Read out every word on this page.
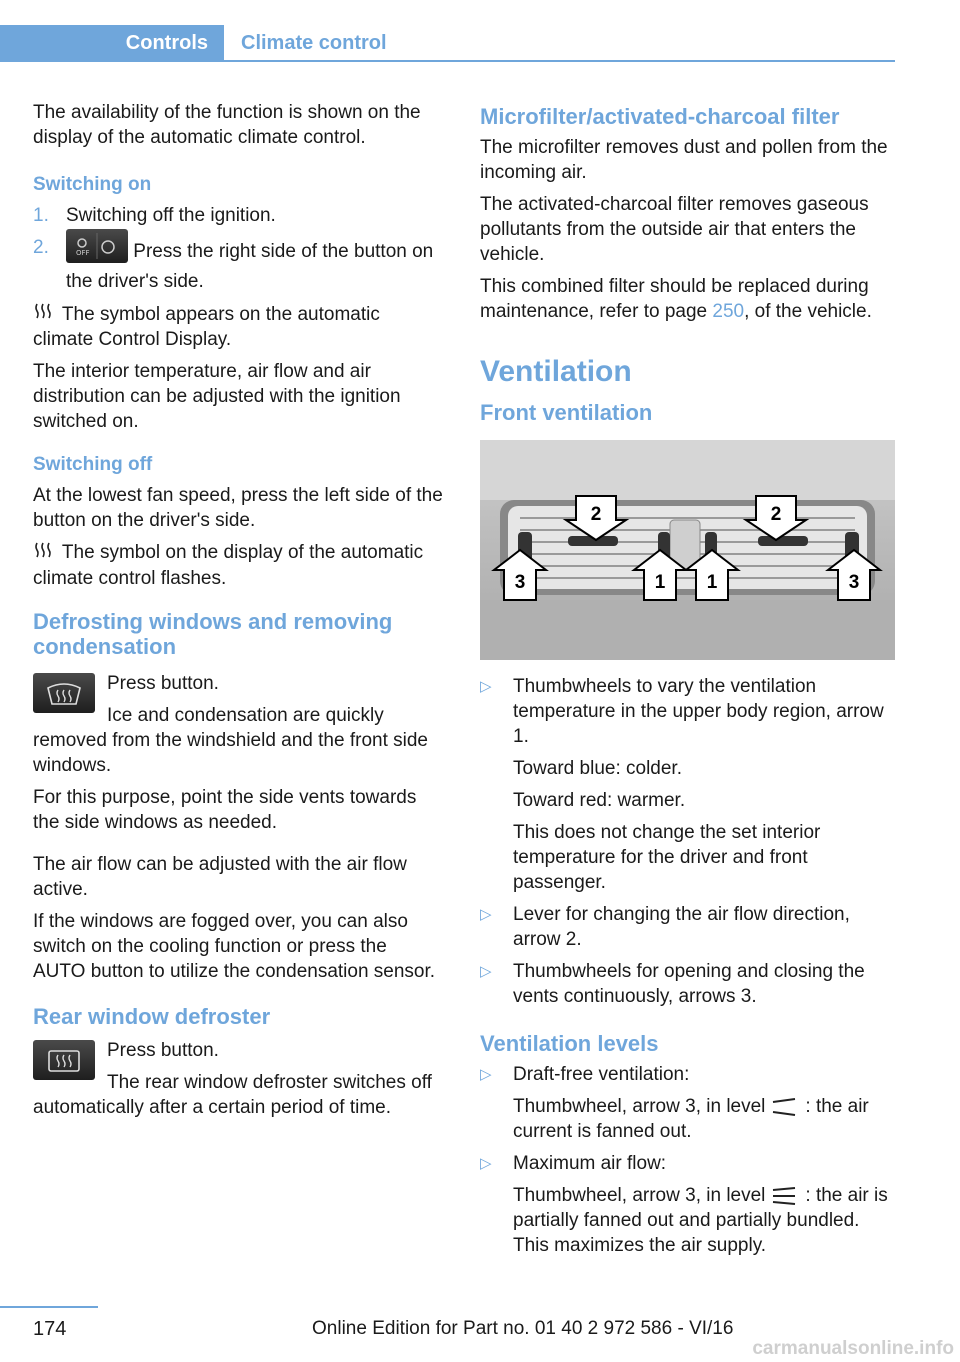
Controls	Climate control

The availability of the function is shown on the display of the automatic climate control.

Switching on
1. Switching off the ignition.
2.	OFF Press the right side of the button on the driver's side.

The symbol appears on the automatic climate Control Display.

The interior temperature, air flow and air distribution can be adjusted with the ignition switched on.

Switching off

At the lowest fan speed, press the left side of the button on the driver's side.

The symbol on the display of the automatic climate control flashes.

Defrosting windows and removing condensation

Press button.

Ice and condensation are quickly removed from the windshield and the front side windows.

For this purpose, point the side vents towards the side windows as needed.

The air flow can be adjusted with the air flow active.

If the windows are fogged over, you can also switch on the cooling function or press the AUTO button to utilize the condensation sensor.

Rear window defroster

Press button.

The rear window defroster switches off automatically after a certain period of time.

Microfilter/activated-charcoal filter

The microfilter removes dust and pollen from the incoming air.

The activated-charcoal filter removes gaseous pollutants from the outside air that enters the vehicle.

This combined filter should be replaced during maintenance, refer to page 250, of the vehicle.

Ventilation
Front ventilation
3
2
1 1
2
3
▷ Thumbwheels to vary the ventilation temperature in the upper body region, arrow 1.

Toward blue: colder.

Toward red: warmer.

This does not change the set interior temperature for the driver and front passenger.

▷ Lever for changing the air flow direction, arrow 2.

▷ Thumbwheels for opening and closing the vents continuously, arrows 3.

Ventilation levels
▷ Draft-free ventilation:

Thumbwheel, arrow 3, in level : the air current is fanned out.

▷ Maximum air flow:

Thumbwheel, arrow 3, in level : the air is partially fanned out and partially bundled. This maximizes the air supply.

174	Online Edition for Part no. 01 40 2 972 586 - VI/16
carmanualsonline.info
